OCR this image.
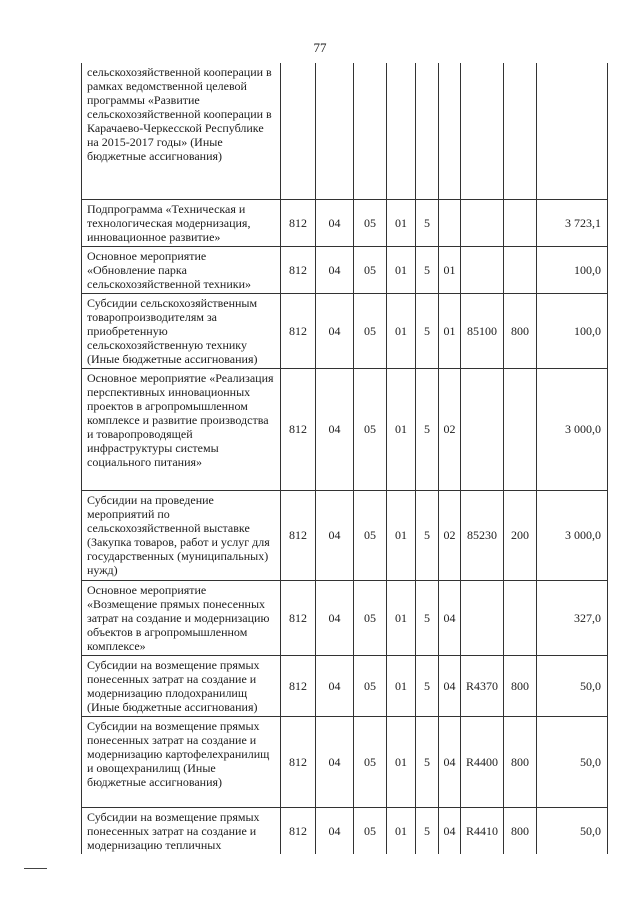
77
сельскохозяйственной кооперации в рамках ведомственной целевой программы «Развитие сельскохозяйственной кооперации в Карачаево-Черкесской Республике на 2015-2017 годы» (Иные бюджетные ассигнования)									
Подпрограмма «Техническая и технологическая модернизация, инновационное развитие»	812	04	05	01	5				3 723,1
Основное мероприятие «Обновление парка сельскохозяйственной техники»	812	04	05	01	5	01			100,0
Субсидии сельскохозяйственным товаропроизводителям за приобретенную сельскохозяйственную технику (Иные бюджетные ассигнования)	812	04	05	01	5	01	85100	800	100,0
Основное мероприятие «Реализация перспективных инновационных проектов в агропромышленном комплексе и развитие производства и товаропроводящей инфраструктуры системы социального питания»	812	04	05	01	5	02			3 000,0
Субсидии на проведение мероприятий по сельскохозяйственной выставке (Закупка товаров, работ и услуг для государственных (муниципальных) нужд)	812	04	05	01	5	02	85230	200	3 000,0
Основное мероприятие «Возмещение прямых понесенных затрат на создание и модернизацию объектов в агропромышленном комплексе»	812	04	05	01	5	04			327,0
Субсидии на возмещение прямых понесенных затрат на создание и модернизацию плодохранилищ (Иные бюджетные ассигнования)	812	04	05	01	5	04	R4370	800	50,0
Субсидии на возмещение прямых понесенных затрат на создание и модернизацию картофелехранилищ и овощехранилищ (Иные бюджетные ассигнования)	812	04	05	01	5	04	R4400	800	50,0
Субсидии на возмещение прямых понесенных затрат на создание и модернизацию тепличных	812	04	05	01	5	04	R4410	800	50,0
